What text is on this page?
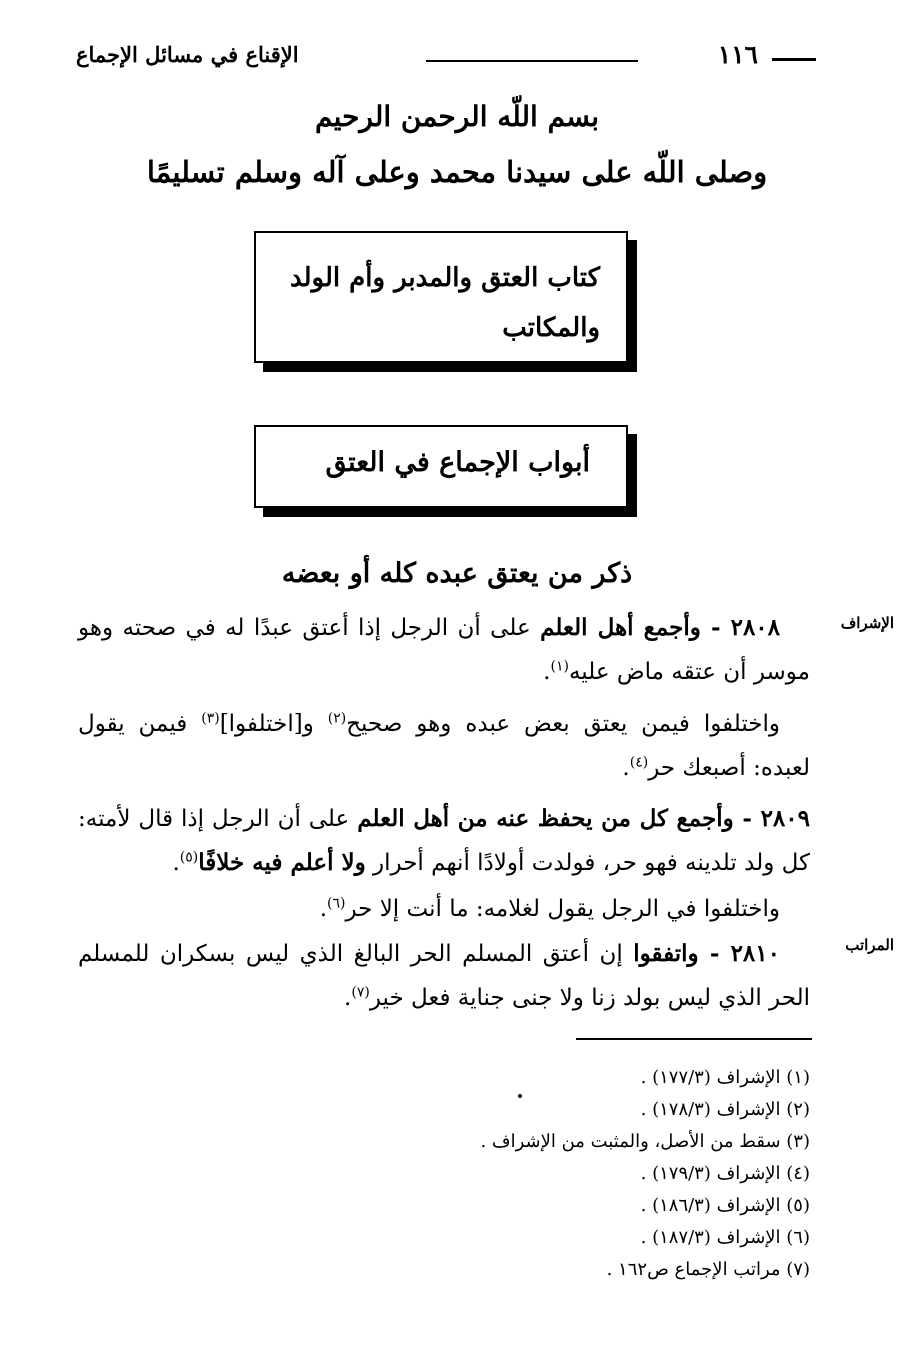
١١٦
الإقناع في مسائل الإجماع
بسم اللّه الرحمن الرحيم
وصلى اللّه على سيدنا محمد وعلى آله وسلم تسليمًا
كتاب العتق والمدبر وأم الولد
والمكاتب
أبواب الإجماع في العتق
ذكر من يعتق عبده كله أو بعضه
الإشراف
المراتب
٢٨٠٨ - وأجمع أهل العلم على أن الرجل إذا أعتق عبدًا له في صحته وهو موسر أن عتقه ماض عليه$^{(١)}$.
واختلفوا فيمن يعتق بعض عبده وهو صحيح$^{(٢)}$ و[اختلفوا]$^{(٣)}$ فيمن يقول لعبده: أصبعك حر$^{(٤)}$.
٢٨٠٩ - وأجمع كل من يحفظ عنه من أهل العلم على أن الرجل إذا قال لأمته: كل ولد تلدينه فهو حر، فولدت أولادًا أنهم أحرار ولا أعلم فيه خلافًا$^{(٥)}$.
واختلفوا في الرجل يقول لغلامه: ما أنت إلا حر$^{(٦)}$.
٢٨١٠ - واتفقوا إن أعتق المسلم الحر البالغ الذي ليس بسكران للمسلم الحر الذي ليس بولد زنا ولا جنى جناية فعل خير$^{(٧)}$.
(١) الإشراف (١٧٧/٣) .
(٢) الإشراف (١٧٨/٣) .
(٣) سقط من الأصل، والمثبت من الإشراف .
(٤) الإشراف (١٧٩/٣) .
(٥) الإشراف (١٨٦/٣) .
(٦) الإشراف (١٨٧/٣) .
(٧) مراتب الإجماع ص١٦٢ .
